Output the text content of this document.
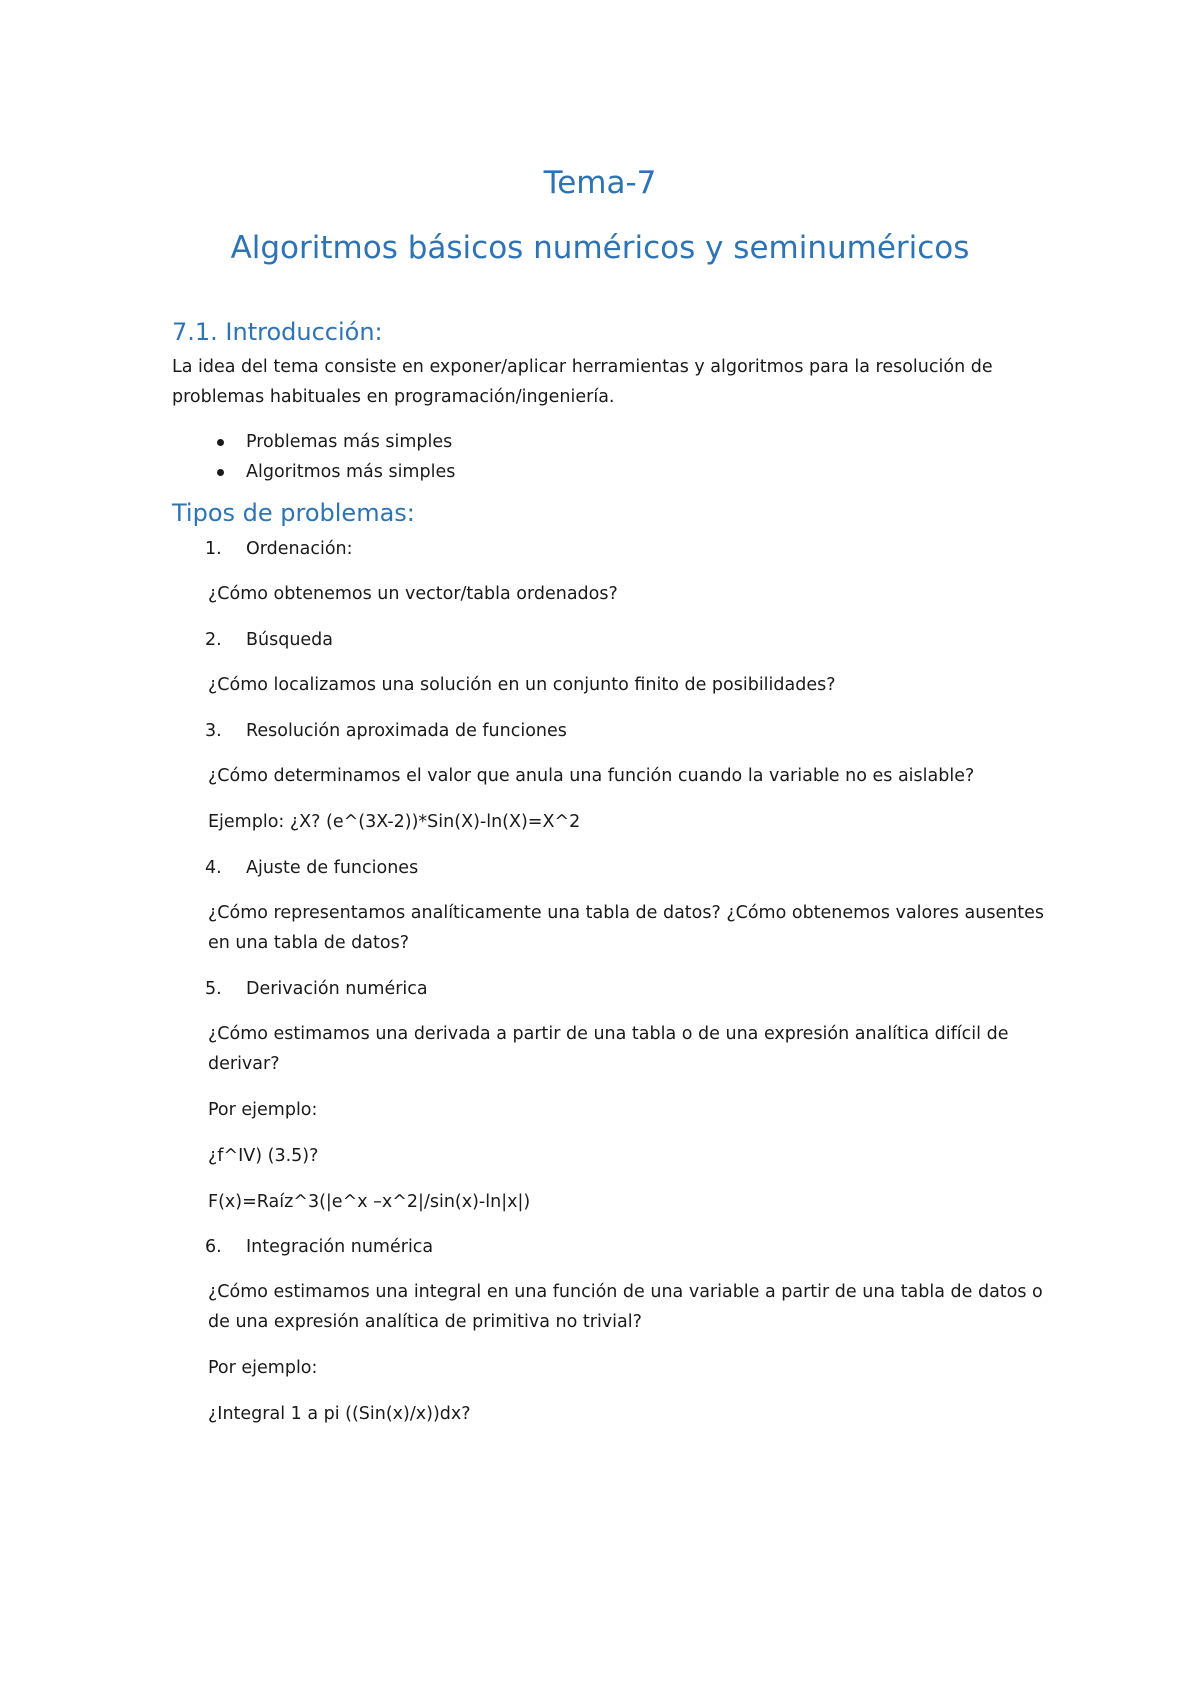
Tema-7
Algoritmos básicos numéricos y seminuméricos
7.1. Introducción:

La idea del tema consiste en exponer/aplicar herramientas y algoritmos para la resolución de problemas habituales en programación/ingeniería.

Problemas más simples
Algoritmos más simples
Tipos de problemas:
1. Ordenación:

¿Cómo obtenemos un vector/tabla ordenados?

2. Búsqueda

¿Cómo localizamos una solución en un conjunto finito de posibilidades?

3. Resolución aproximada de funciones

¿Cómo determinamos el valor que anula una función cuando la variable no es aislable?

Ejemplo: ¿X? (e^(3X-2))*Sin(X)-ln(X)=X^2

4. Ajuste de funciones

¿Cómo representamos analíticamente una tabla de datos? ¿Cómo obtenemos valores ausentes en una tabla de datos?

5. Derivación numérica

¿Cómo estimamos una derivada a partir de una tabla o de una expresión analítica difícil de derivar?

Por ejemplo:

¿f^IV) (3.5)?

F(x)=Raíz^3(|e^x –x^2|/sin(x)-ln|x|)

6. Integración numérica

¿Cómo estimamos una integral en una función de una variable a partir de una tabla de datos o de una expresión analítica de primitiva no trivial?

Por ejemplo:

¿Integral 1 a pi ((Sin(x)/x))dx?
